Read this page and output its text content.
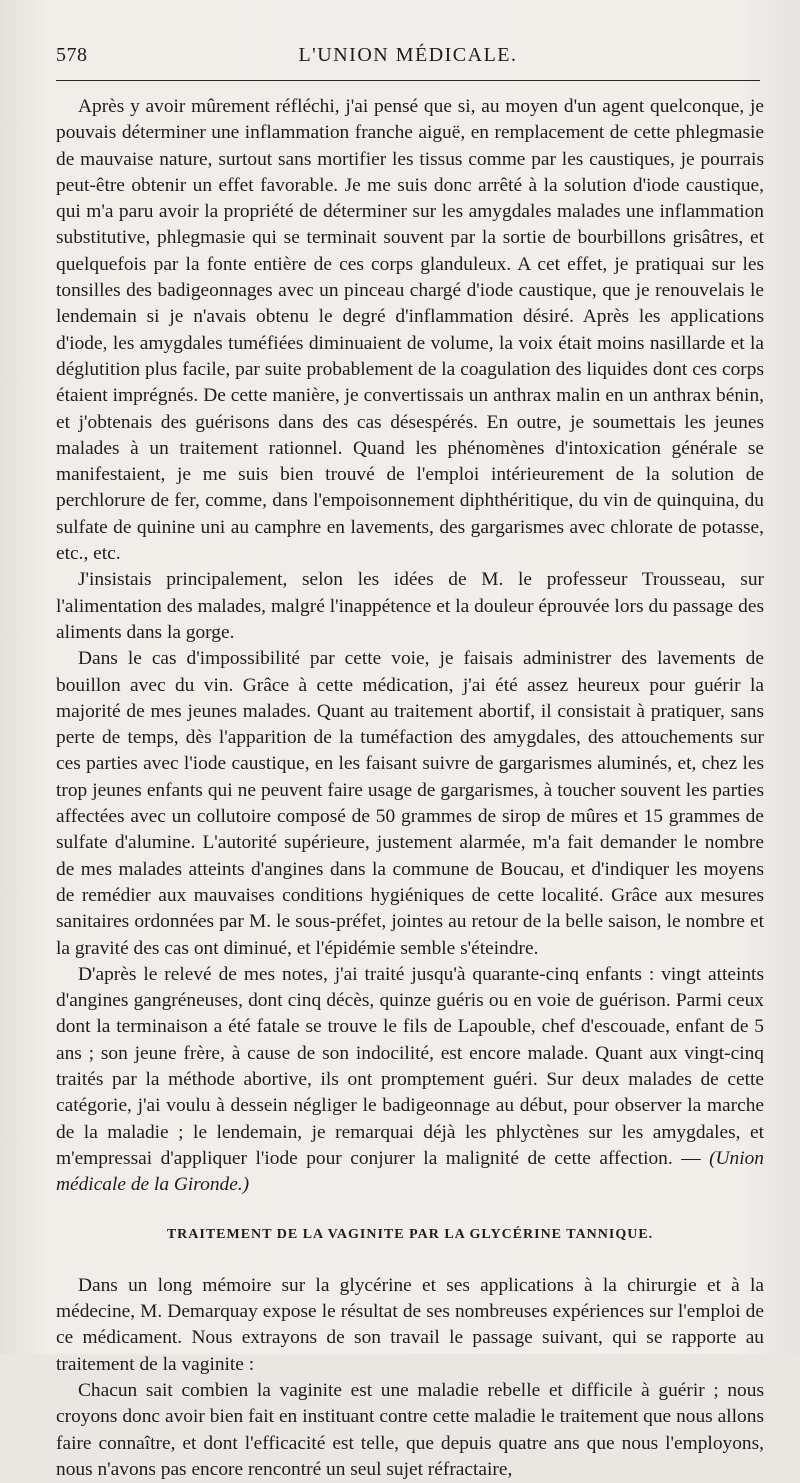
578	L'UNION MÉDICALE.

Après y avoir mûrement réfléchi, j'ai pensé que si, au moyen d'un agent quelconque, je pouvais déterminer une inflammation franche aiguë, en remplacement de cette phlegmasie de mauvaise nature, surtout sans mortifier les tissus comme par les caustiques, je pourrais peut-être obtenir un effet favorable. Je me suis donc arrêté à la solution d'iode caustique, qui m'a paru avoir la propriété de déterminer sur les amygdales malades une inflammation substitutive, phlegmasie qui se terminait souvent par la sortie de bourbillons grisâtres, et quelquefois par la fonte entière de ces corps glanduleux. A cet effet, je pratiquai sur les tonsilles des badigeonnages avec un pinceau chargé d'iode caustique, que je renouvelais le lendemain si je n'avais obtenu le degré d'inflammation désiré. Après les applications d'iode, les amygdales tuméfiées diminuaient de volume, la voix était moins nasillarde et la déglutition plus facile, par suite probablement de la coagulation des liquides dont ces corps étaient imprégnés. De cette manière, je convertissais un anthrax malin en un anthrax bénin, et j'obtenais des guérisons dans des cas désespérés. En outre, je soumettais les jeunes malades à un traitement rationnel. Quand les phénomènes d'intoxication générale se manifestaient, je me suis bien trouvé de l'emploi intérieurement de la solution de perchlorure de fer, comme, dans l'empoisonnement diphthéritique, du vin de quinquina, du sulfate de quinine uni au camphre en lavements, des gargarismes avec chlorate de potasse, etc., etc.

J'insistais principalement, selon les idées de M. le professeur Trousseau, sur l'alimentation des malades, malgré l'inappétence et la douleur éprouvée lors du passage des aliments dans la gorge.

Dans le cas d'impossibilité par cette voie, je faisais administrer des lavements de bouillon avec du vin. Grâce à cette médication, j'ai été assez heureux pour guérir la majorité de mes jeunes malades. Quant au traitement abortif, il consistait à pratiquer, sans perte de temps, dès l'apparition de la tuméfaction des amygdales, des attouchements sur ces parties avec l'iode caustique, en les faisant suivre de gargarismes aluminés, et, chez les trop jeunes enfants qui ne peuvent faire usage de gargarismes, à toucher souvent les parties affectées avec un collutoire composé de 50 grammes de sirop de mûres et 15 grammes de sulfate d'alumine. L'autorité supérieure, justement alarmée, m'a fait demander le nombre de mes malades atteints d'angines dans la commune de Boucau, et d'indiquer les moyens de remédier aux mauvaises conditions hygiéniques de cette localité. Grâce aux mesures sanitaires ordonnées par M. le sous-préfet, jointes au retour de la belle saison, le nombre et la gravité des cas ont diminué, et l'épidémie semble s'éteindre.

D'après le relevé de mes notes, j'ai traité jusqu'à quarante-cinq enfants : vingt atteints d'angines gangréneuses, dont cinq décès, quinze guéris ou en voie de guérison. Parmi ceux dont la terminaison a été fatale se trouve le fils de Lapouble, chef d'escouade, enfant de 5 ans ; son jeune frère, à cause de son indocilité, est encore malade. Quant aux vingt-cinq traités par la méthode abortive, ils ont promptement guéri. Sur deux malades de cette catégorie, j'ai voulu à dessein négliger le badigeonnage au début, pour observer la marche de la maladie ; le lendemain, je remarquai déjà les phlyctènes sur les amygdales, et m'empressai d'appliquer l'iode pour conjurer la malignité de cette affection. — (Union médicale de la Gironde.)

TRAITEMENT DE LA VAGINITE PAR LA GLYCÉRINE TANNIQUE.

Dans un long mémoire sur la glycérine et ses applications à la chirurgie et à la médecine, M. Demarquay expose le résultat de ses nombreuses expériences sur l'emploi de ce médicament. Nous extrayons de son travail le passage suivant, qui se rapporte au traitement de la vaginite :

Chacun sait combien la vaginite est une maladie rebelle et difficile à guérir ; nous croyons donc avoir bien fait en instituant contre cette maladie le traitement que nous allons faire connaître, et dont l'efficacité est telle, que depuis quatre ans que nous l'employons, nous n'avons pas encore rencontré un seul sujet réfractaire,
